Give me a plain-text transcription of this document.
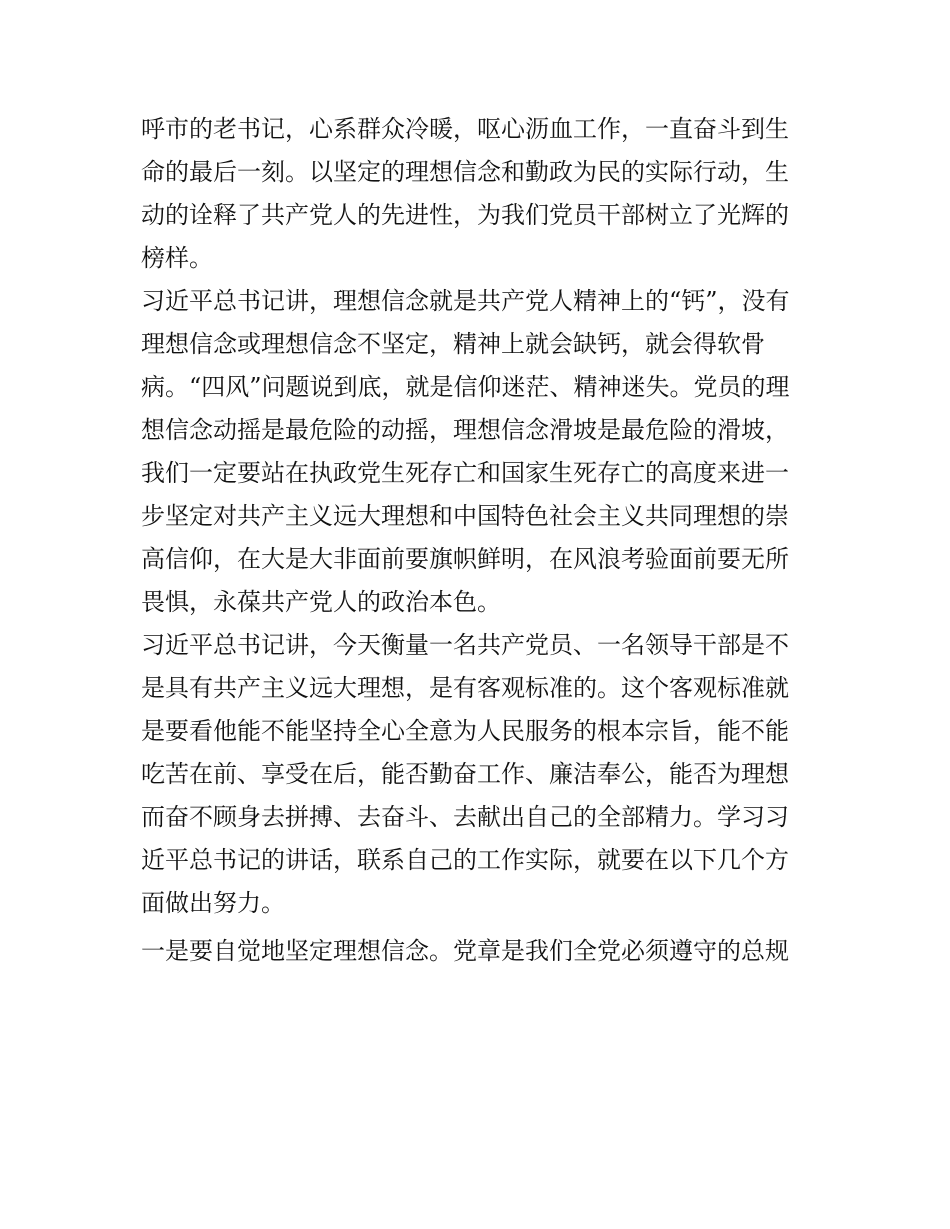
呼市的老书记，心系群众冷暖，呕心沥血工作，一直奋斗到生
命的最后一刻。以坚定的理想信念和勤政为民的实际行动，生
动的诠释了共产党人的先进性，为我们党员干部树立了光辉的
榜样。

习近平总书记讲，理想信念就是共产党人精神上的“钙”，没有
理想信念或理想信念不坚定，精神上就会缺钙，就会得软骨
病。“四风”问题说到底，就是信仰迷茫、精神迷失。党员的理
想信念动摇是最危险的动摇，理想信念滑坡是最危险的滑坡，
我们一定要站在执政党生死存亡和国家生死存亡的高度来进一
步坚定对共产主义远大理想和中国特色社会主义共同理想的崇
高信仰，在大是大非面前要旗帜鲜明，在风浪考验面前要无所
畏惧，永葆共产党人的政治本色。

习近平总书记讲，今天衡量一名共产党员、一名领导干部是不
是具有共产主义远大理想，是有客观标准的。这个客观标准就
是要看他能不能坚持全心全意为人民服务的根本宗旨，能不能
吃苦在前、享受在后，能否勤奋工作、廉洁奉公，能否为理想
而奋不顾身去拼搏、去奋斗、去献出自己的全部精力。学习习
近平总书记的讲话，联系自己的工作实际，就要在以下几个方
面做出努力。

一是要自觉地坚定理想信念。党章是我们全党必须遵守的总规
